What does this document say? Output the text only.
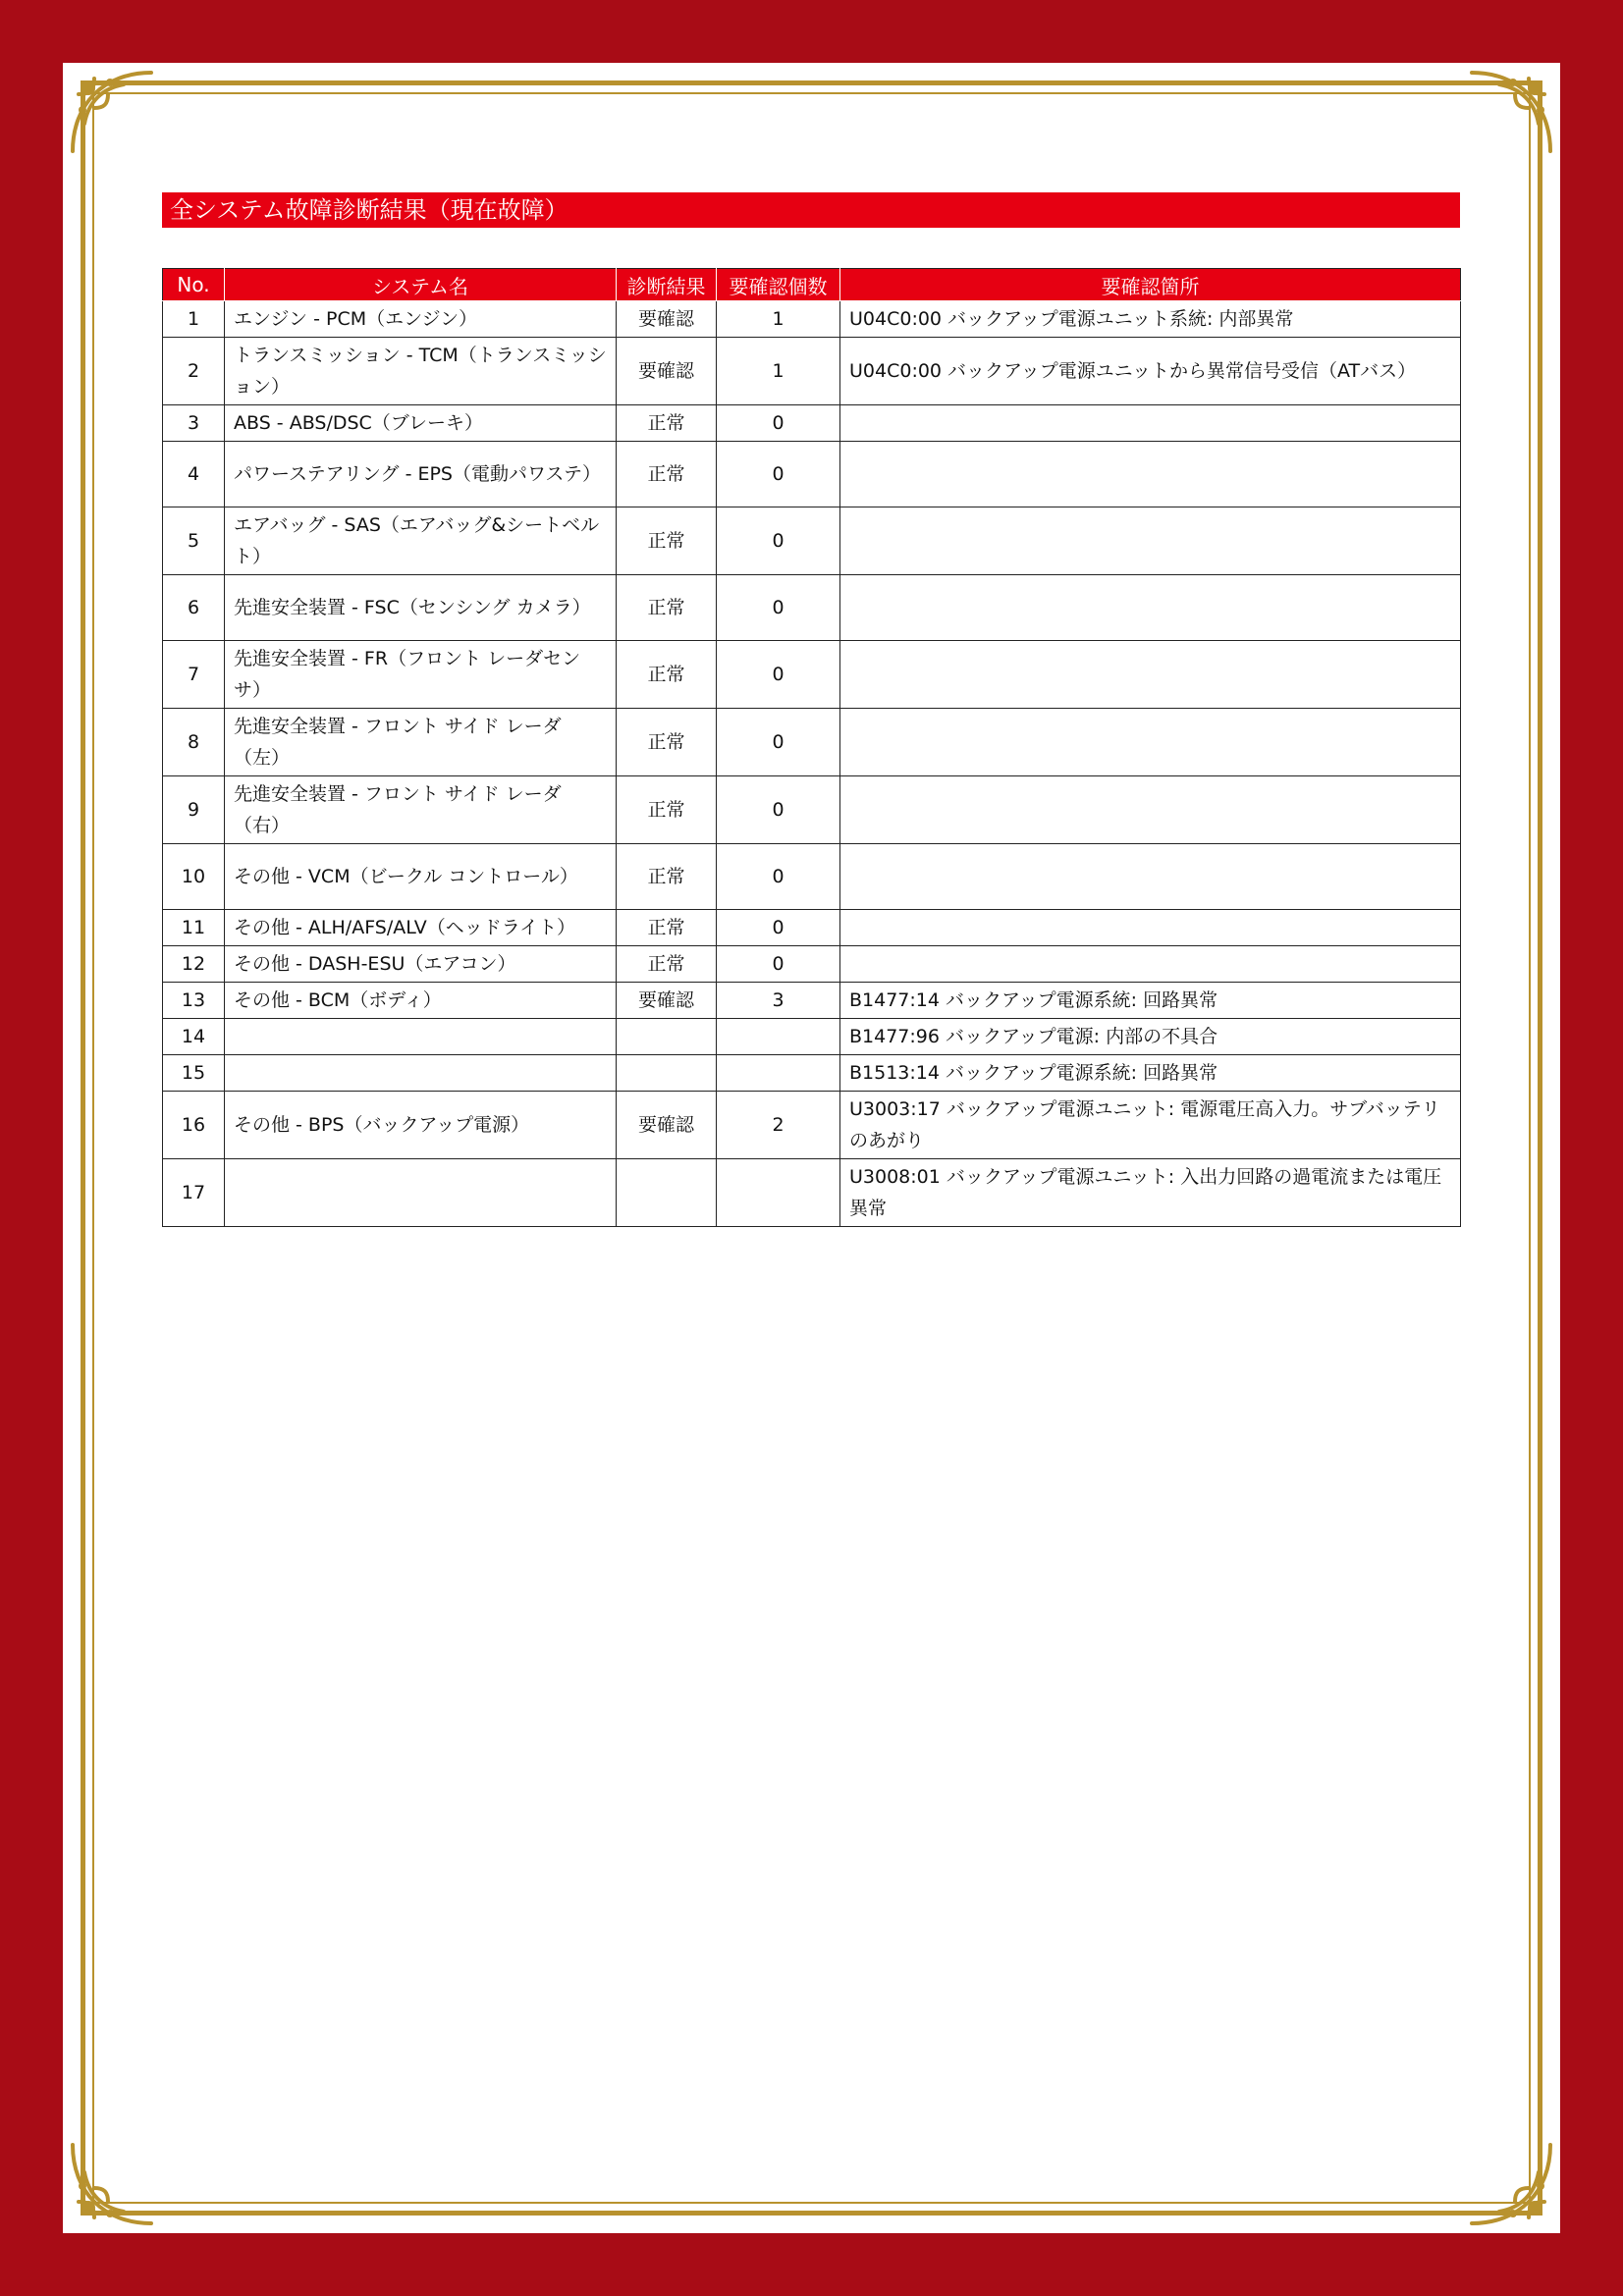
全システム故障診断結果（現在故障）
No.	システム名	診断結果	要確認個数	要確認箇所
1	エンジン - PCM（エンジン）	要確認	1	U04C0:00 バックアップ電源ユニット系統: 内部異常
2	トランスミッション - TCM（トランスミッション）	要確認	1	U04C0:00 バックアップ電源ユニットから異常信号受信（ATバス）
3	ABS - ABS/DSC（ブレーキ）	正常	0	
4	パワーステアリング - EPS（電動パワステ）	正常	0	
5	エアバッグ - SAS（エアバッグ&シートベルト）	正常	0	
6	先進安全装置 - FSC（センシング カメラ）	正常	0	
7	先進安全装置 - FR（フロント レーダセンサ）	正常	0	
8	先進安全装置 - フロント サイド レーダ（左）	正常	0	
9	先進安全装置 - フロント サイド レーダ（右）	正常	0	
10	その他 - VCM（ビークル コントロール）	正常	0	
11	その他 - ALH/AFS/ALV（ヘッドライト）	正常	0	
12	その他 - DASH-ESU（エアコン）	正常	0	
13	その他 - BCM（ボディ）	要確認	3	B1477:14 バックアップ電源系統: 回路異常
14				B1477:96 バックアップ電源: 内部の不具合
15				B1513:14 バックアップ電源系統: 回路異常
16	その他 - BPS（バックアップ電源）	要確認	2	U3003:17 バックアップ電源ユニット: 電源電圧高入力。サブバッテリのあがり
17				U3008:01 バックアップ電源ユニット: 入出力回路の過電流または電圧異常
